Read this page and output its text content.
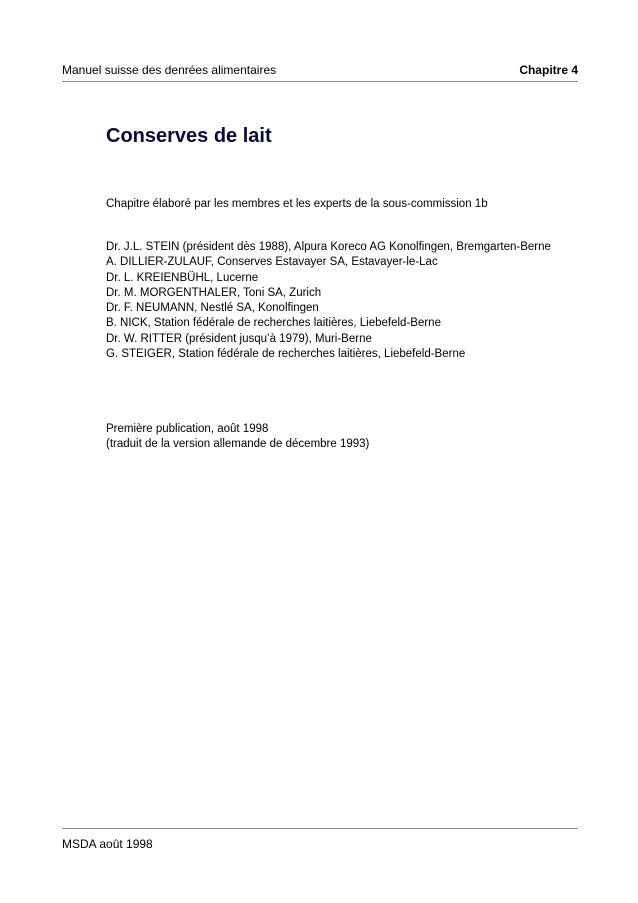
Manuel suisse des denrées alimentaires	Chapitre 4
Conserves de lait
Chapitre élaboré par les membres et les experts de la sous-commission 1b
Dr. J.L. STEIN (président dès 1988), Alpura Koreco AG Konolfingen, Bremgarten-Berne
A. DILLIER-ZULAUF, Conserves Estavayer SA, Estavayer-le-Lac
Dr. L. KREIENBÜHL, Lucerne
Dr. M. MORGENTHALER, Toni SA, Zurich
Dr. F. NEUMANN, Nestlé SA, Konolfingen
B. NICK, Station fédérale de recherches laitières, Liebefeld-Berne
Dr. W. RITTER (président jusqu’à 1979), Muri-Berne
G. STEIGER, Station fédérale de recherches laitières, Liebefeld-Berne
Première publication, août 1998
(traduit de la version allemande de décembre 1993)
MSDA août 1998
